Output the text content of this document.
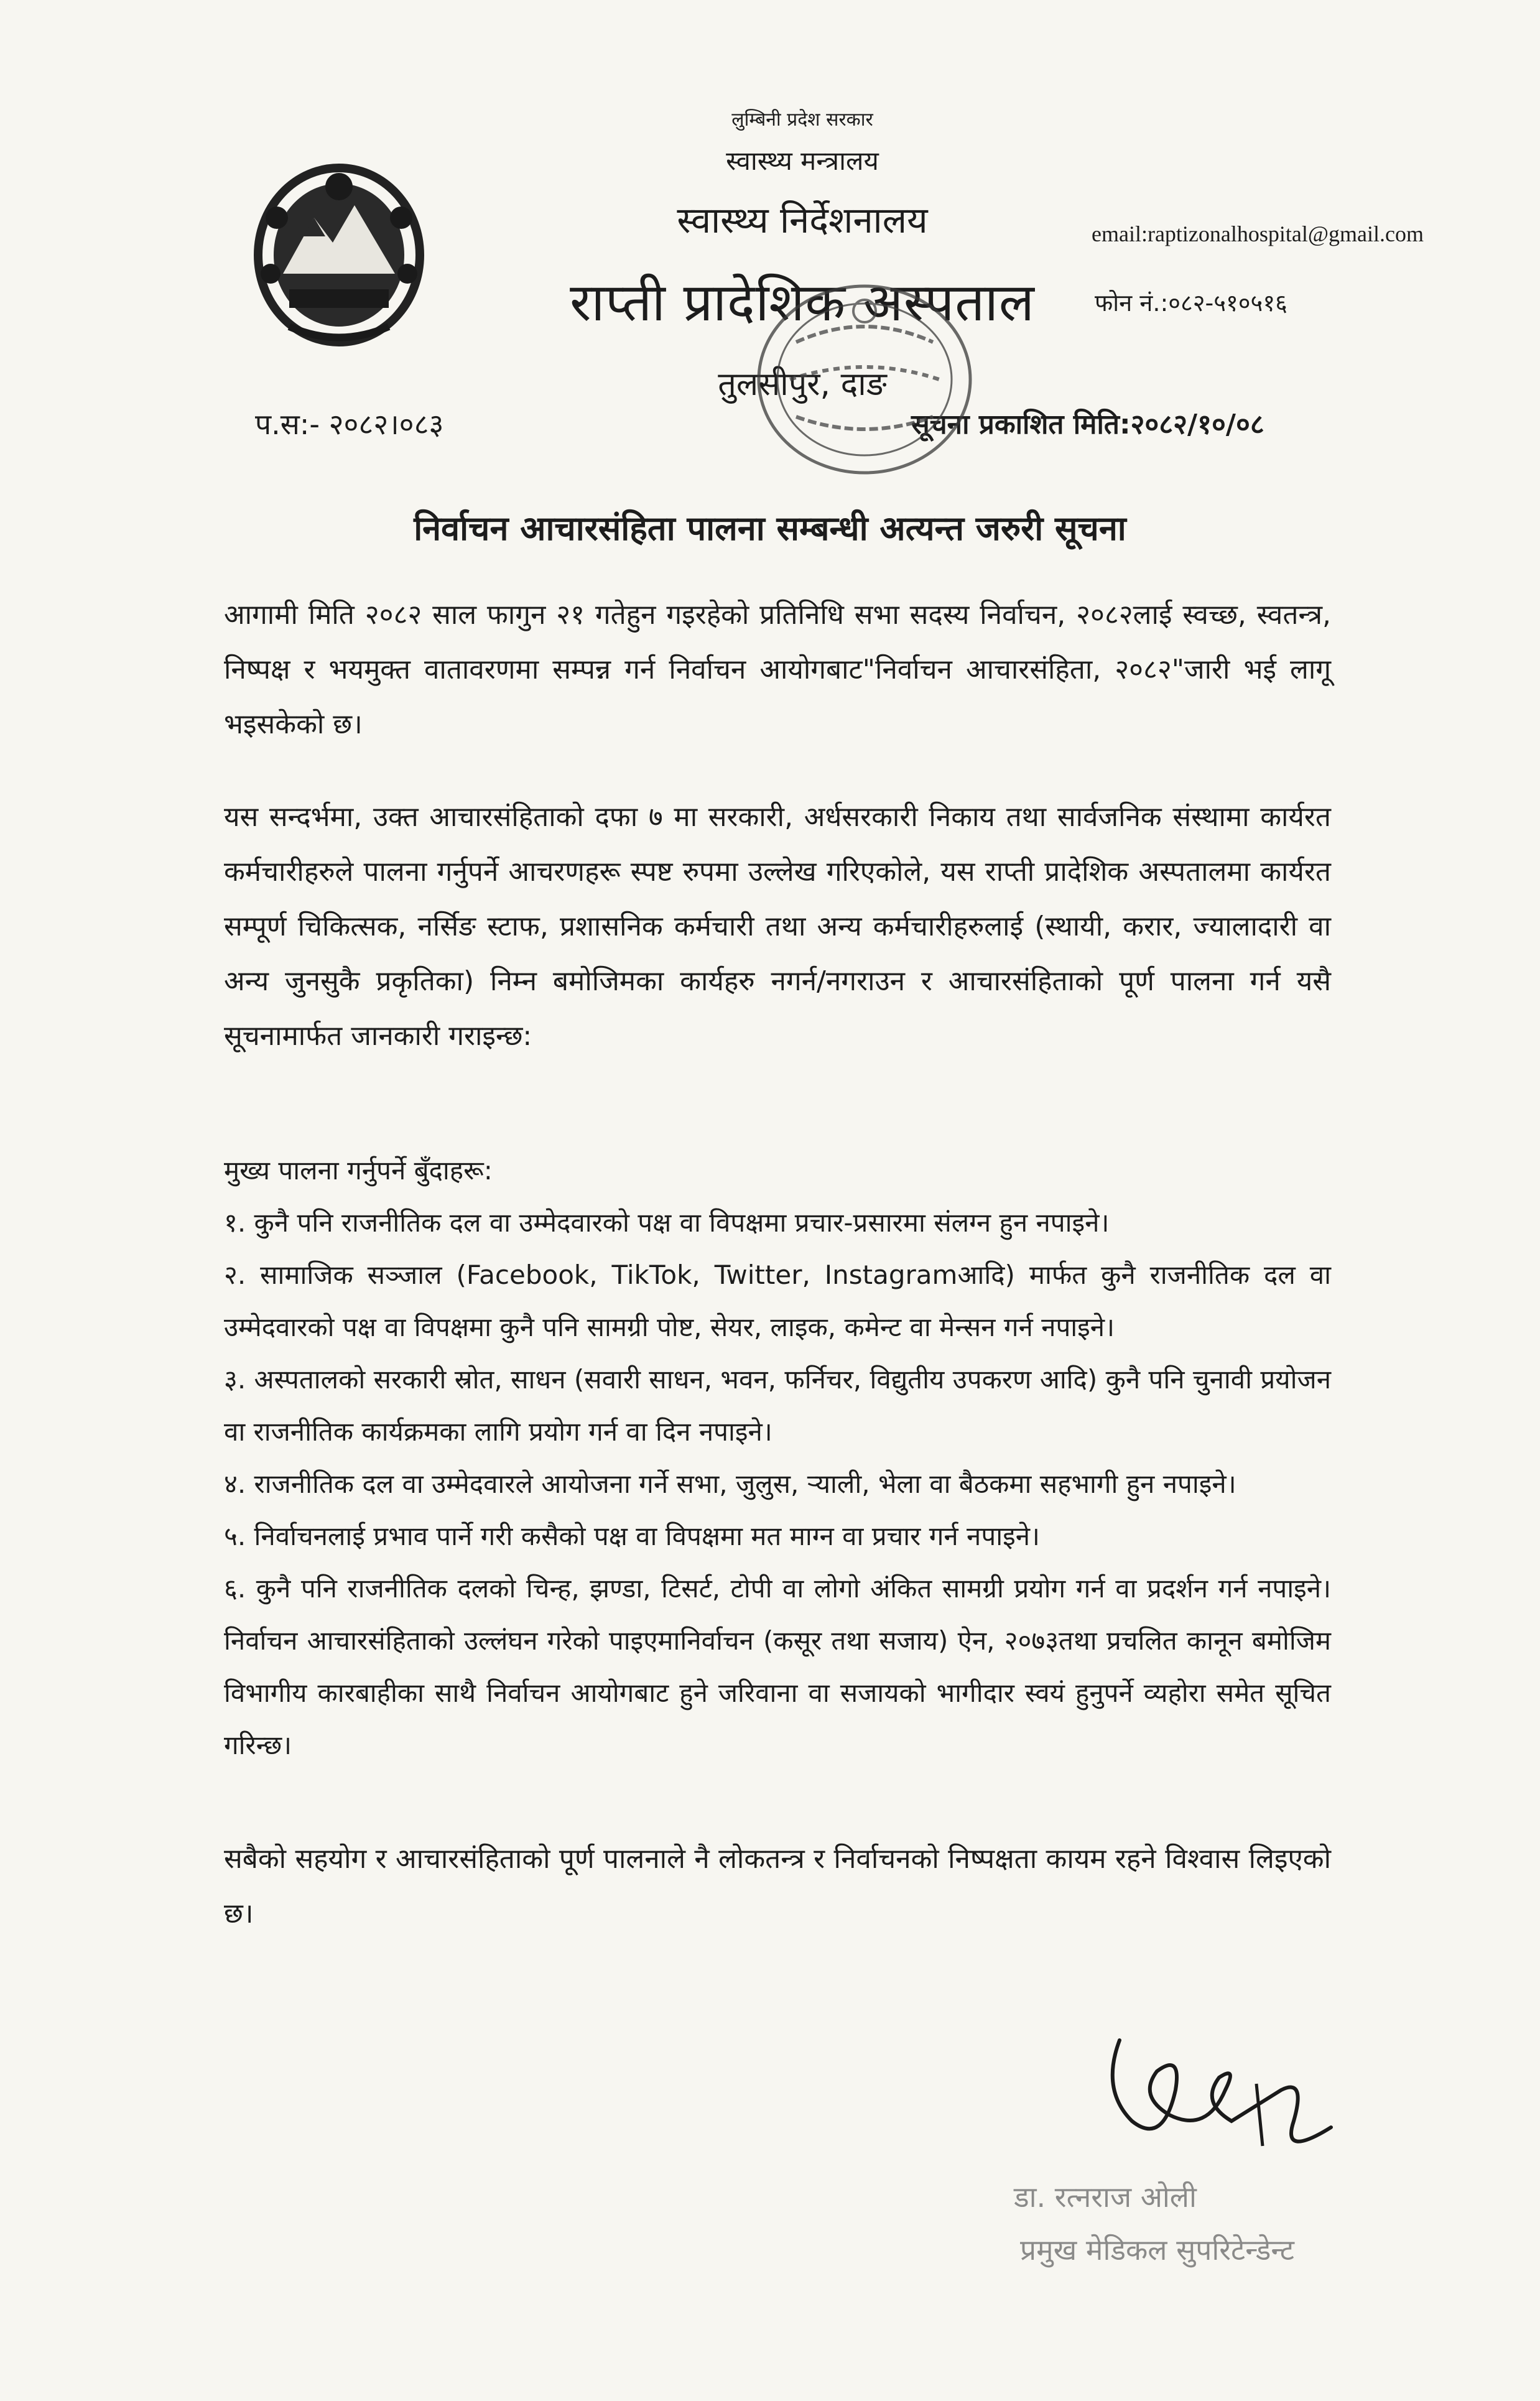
लुम्बिनी प्रदेश सरकार
स्वास्थ्य मन्त्रालय
स्वास्थ्य निर्देशनालय
राप्ती प्रादेशिक अस्पताल
तुलसीपुर, दाङ
email:raptizonalhospital@gmail.com
फोन नं.:०८२-५१०५१६
प.स:- २०८२।०८३	सूचना प्रकाशित मिति:२०८२/१०/०८
निर्वाचन आचारसंहिता पालना सम्बन्धी अत्यन्त जरुरी सूचना

आगामी मिति २०८२ साल फागुन २१ गतेहुन गइरहेको प्रतिनिधि सभा सदस्य निर्वाचन, २०८२लाई स्वच्छ, स्वतन्त्र, निष्पक्ष र भयमुक्त वातावरणमा सम्पन्न गर्न निर्वाचन आयोगबाट"निर्वाचन आचारसंहिता, २०८२"जारी भई लागू भइसकेको छ।

यस सन्दर्भमा, उक्त आचारसंहिताको दफा ७ मा सरकारी, अर्धसरकारी निकाय तथा सार्वजनिक संस्थामा कार्यरत कर्मचारीहरुले पालना गर्नुपर्ने आचरणहरू स्पष्ट रुपमा उल्लेख गरिएकोले, यस राप्ती प्रादेशिक अस्पतालमा कार्यरत सम्पूर्ण चिकित्सक, नर्सिङ स्टाफ, प्रशासनिक कर्मचारी तथा अन्य कर्मचारीहरुलाई (स्थायी, करार, ज्यालादारी वा अन्य जुनसुकै प्रकृतिका) निम्न बमोजिमका कार्यहरु नगर्न/नगराउन र आचारसंहिताको पूर्ण पालना गर्न यसै सूचनामार्फत जानकारी गराइन्छ:

मुख्य पालना गर्नुपर्ने बुँदाहरू:

१. कुनै पनि राजनीतिक दल वा उम्मेदवारको पक्ष वा विपक्षमा प्रचार-प्रसारमा संलग्न हुन नपाइने।

२. सामाजिक सञ्जाल (Facebook, TikTok, Twitter, Instagramआदि) मार्फत कुनै राजनीतिक दल वा उम्मेदवारको पक्ष वा विपक्षमा कुनै पनि सामग्री पोष्ट, सेयर, लाइक, कमेन्ट वा मेन्सन गर्न नपाइने।

३. अस्पतालको सरकारी स्रोत, साधन (सवारी साधन, भवन, फर्निचर, विद्युतीय उपकरण आदि) कुनै पनि चुनावी प्रयोजन वा राजनीतिक कार्यक्रमका लागि प्रयोग गर्न वा दिन नपाइने।

४. राजनीतिक दल वा उम्मेदवारले आयोजना गर्ने सभा, जुलुस, र्‍याली, भेला वा बैठकमा सहभागी हुन नपाइने।

५. निर्वाचनलाई प्रभाव पार्ने गरी कसैको पक्ष वा विपक्षमा मत माग्न वा प्रचार गर्न नपाइने।

६. कुनै पनि राजनीतिक दलको चिन्ह, झण्डा, टिसर्ट, टोपी वा लोगो अंकित सामग्री प्रयोग गर्न वा प्रदर्शन गर्न नपाइने।निर्वाचन आचारसंहिताको उल्लंघन गरेको पाइएमानिर्वाचन (कसूर तथा सजाय) ऐन, २०७३तथा प्रचलित कानून बमोजिम विभागीय कारबाहीका साथै निर्वाचन आयोगबाट हुने जरिवाना वा सजायको भागीदार स्वयं हुनुपर्ने व्यहोरा समेत सूचित गरिन्छ।

सबैको सहयोग र आचारसंहिताको पूर्ण पालनाले नै लोकतन्त्र र निर्वाचनको निष्पक्षता कायम रहने विश्वास लिइएको छ।

डा. रत्नराज ओली
प्रमुख मेडिकल सुपरिटेन्डेन्ट
